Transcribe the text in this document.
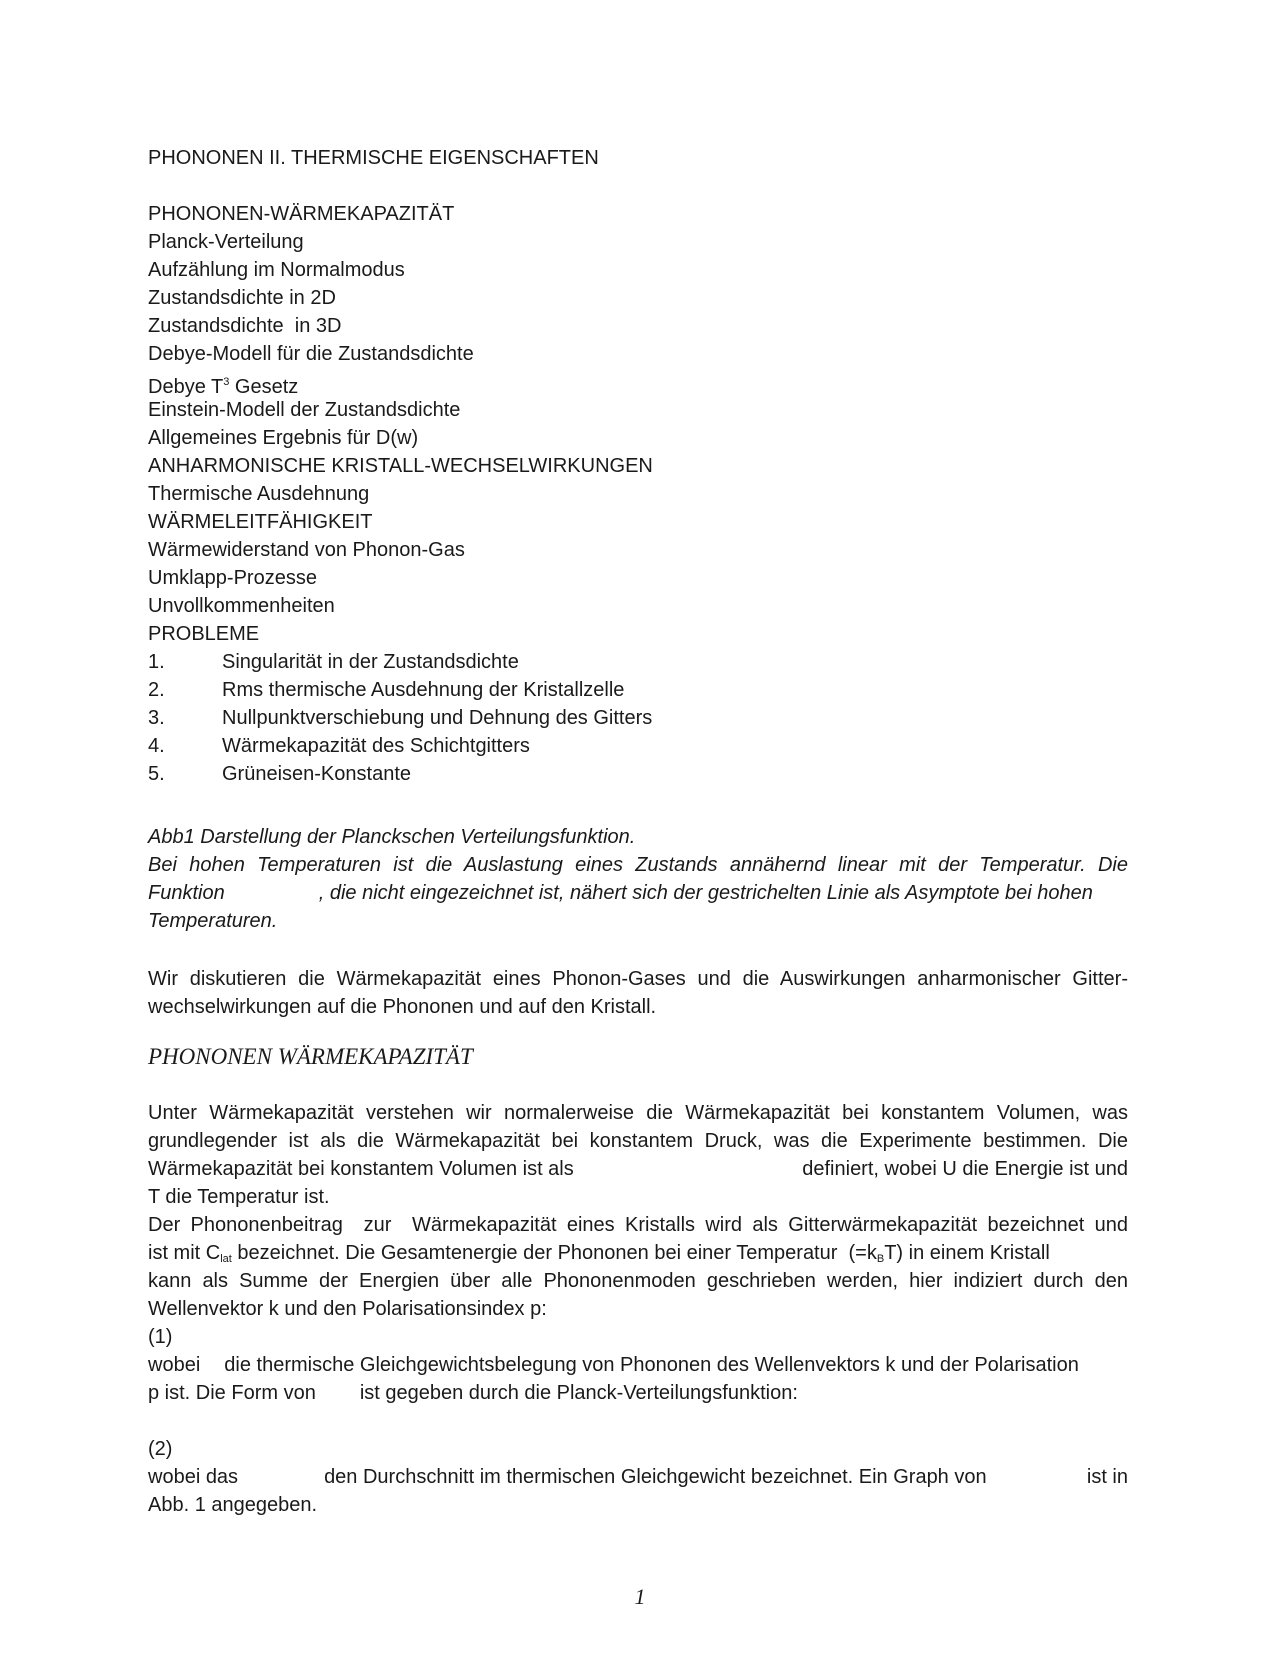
PHONONEN II. THERMISCHE EIGENSCHAFTEN
PHONONEN-WÄRMEKAPAZITÄT
Planck-Verteilung
Aufzählung im Normalmodus
Zustandsdichte in 2D
Zustandsdichte  in 3D
Debye-Modell für die Zustandsdichte
Debye $T^3$ Gesetz
Einstein-Modell der Zustandsdichte
Allgemeines Ergebnis für D(w)
ANHARMONISCHE KRISTALL-WECHSELWIRKUNGEN
Thermische Ausdehnung
WÄRMELEITFÄHIGKEIT
Wärmewiderstand von Phonon-Gas
Umklapp-Prozesse
Unvollkommenheiten
PROBLEME
1.	Singularität in der Zustandsdichte
2.	Rms thermische Ausdehnung der Kristallzelle
3.	Nullpunktverschiebung und Dehnung des Gitters
4.	Wärmekapazität des Schichtgitters
5.	Grüneisen-Konstante
Abb1 Darstellung der Planckschen Verteilungsfunktion.
Bei hohen Temperaturen ist die Auslastung eines Zustands annähernd linear mit der Temperatur. Die
Funktion	, die nicht eingezeichnet ist, nähert sich der gestrichelten Linie als Asymptote bei hohen
Temperaturen.
Wir diskutieren die Wärmekapazität eines Phonon-Gases und die Auswirkungen anharmonischer Gitter-
wechselwirkungen auf die Phononen und auf den Kristall.
PHONONEN WÄRMEKAPAZITÄT
Unter Wärmekapazität verstehen wir normalerweise die Wärmekapazität bei konstantem Volumen, was
grundlegender ist als die Wärmekapazität bei konstantem Druck, was die Experimente bestimmen. Die
Wärmekapazität bei konstantem Volumen ist als	definiert, wobei U die Energie ist und
T die Temperatur ist.
Der Phononenbeitrag  zur  Wärmekapazität eines Kristalls wird als Gitterwärmekapazität bezeichnet und
ist mit $C_{lat}$ bezeichnet. Die Gesamtenergie der Phononen bei einer Temperatur  $(=k_BT)$ in einem Kristall
kann als Summe der Energien über alle Phononenmoden geschrieben werden, hier indiziert durch den
Wellenvektor k und den Polarisationsindex p:
(1)
wobei die thermische Gleichgewichtsbelegung von Phononen des Wellenvektors k und der Polarisation
p ist. Die Form von ist gegeben durch die Planck-Verteilungsfunktion:
(2)
wobei das	den Durchschnitt im thermischen Gleichgewicht bezeichnet. Ein Graph von	ist in
Abb. 1 angegeben.
1
